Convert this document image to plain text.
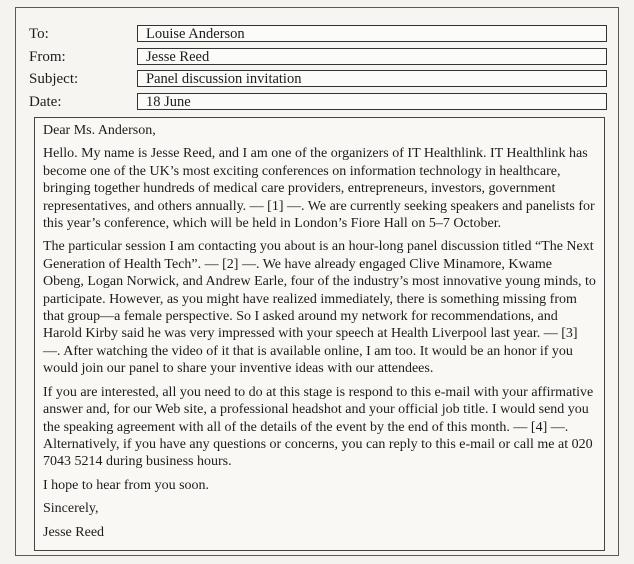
To:	Louise Anderson
From:	Jesse Reed
Subject:	Panel discussion invitation
Date:	18 June

Dear Ms. Anderson,

Hello. My name is Jesse Reed, and I am one of the organizers of IT Healthlink. IT Healthlink has become one of the UK’s most exciting conferences on information technology in healthcare, bringing together hundreds of medical care providers, entrepreneurs, investors, government representatives, and others annually. — [1] —. We are currently seeking speakers and panelists for this year’s conference, which will be held in London’s Fiore Hall on 5–7 October.

The particular session I am contacting you about is an hour-long panel discussion titled “The Next Generation of Health Tech”. — [2] —. We have already engaged Clive Minamore, Kwame Obeng, Logan Norwick, and Andrew Earle, four of the industry’s most innovative young minds, to participate. However, as you might have realized immediately, there is something missing from that group—a female perspective. So I asked around my network for recommendations, and Harold Kirby said he was very impressed with your speech at Health Liverpool last year. — [3] —. After watching the video of it that is available online, I am too. It would be an honor if you would join our panel to share your inventive ideas with our attendees.

If you are interested, all you need to do at this stage is respond to this e-mail with your affirmative answer and, for our Web site, a professional headshot and your official job title. I would send you the speaking agreement with all of the details of the event by the end of this month. — [4] —. Alternatively, if you have any questions or concerns, you can reply to this e-mail or call me at 020 7043 5214 during business hours.

I hope to hear from you soon.

Sincerely,

Jesse Reed
